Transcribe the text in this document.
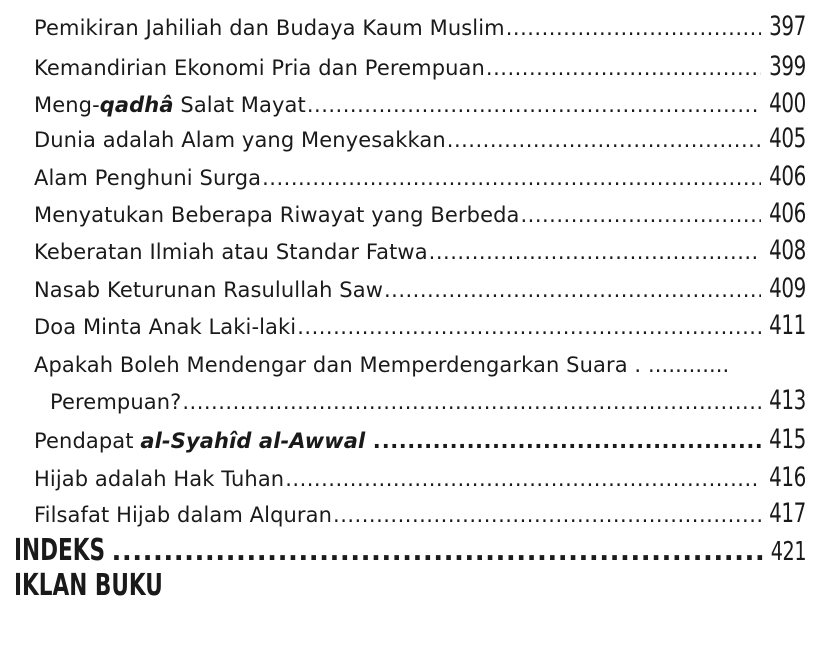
Pemikiran Jahiliah dan Budaya Kaum Muslim .....	397
Kemandirian Ekonomi Pria dan Perempuan .....	399
Meng-qadhâ Salat Mayat .....	400
Dunia adalah Alam yang Menyesakkan .....	405
Alam Penghuni Surga .....	406
Menyatukan Beberapa Riwayat yang Berbeda .....	406
Keberatan Ilmiah atau Standar Fatwa .....	408
Nasab Keturunan Rasulullah Saw .....	409
Doa Minta Anak Laki-laki .....	411
Apakah Boleh Mendengar dan Memperdengarkan Suara . ............
Perempuan? .....	413
Pendapat al-Syahîd al-Awwal . .....	415
Hijab adalah Hak Tuhan .....	416
Filsafat Hijab dalam Alquran .....	417
INDEKS .....	421
IKLAN BUKU
